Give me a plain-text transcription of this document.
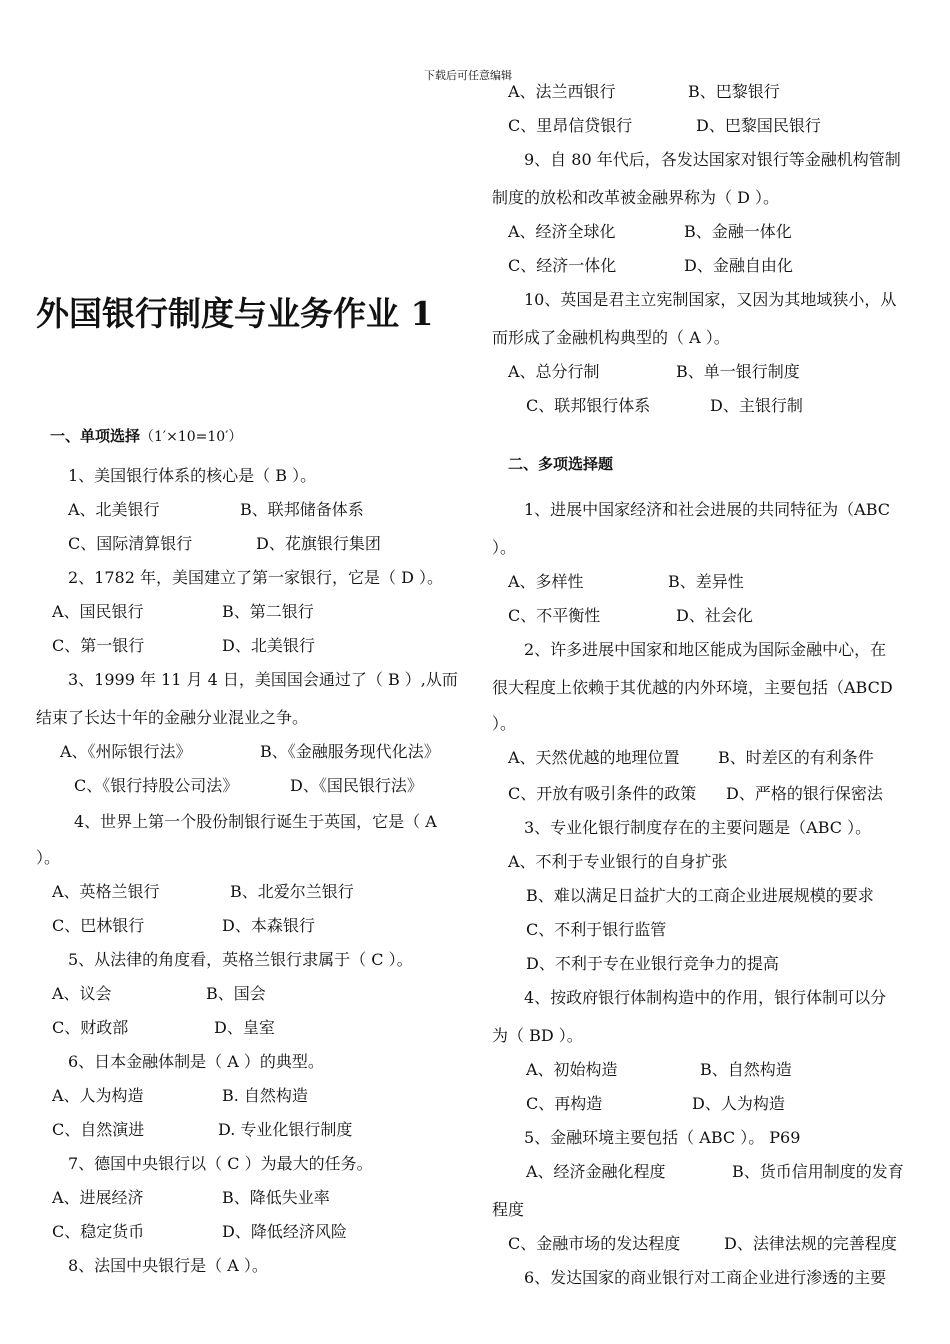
下载后可任意编辑
外国银行制度与业务作业 1
一、单项选择（1′×10=10′）
1、美国银行体系的核心是（ B ）。
A、北美银行	B、联邦储备体系
C、国际清算银行	D、花旗银行集团
2、1782 年，美国建立了第一家银行，它是（ D ）。
A、国民银行	B、第二银行
C、第一银行	D、北美银行
3、1999 年 11 月 4 日，美国国会通过了（ B ）,从而
结束了长达十年的金融分业混业之争。
A、《州际银行法》	B、《金融服务现代化法》
C、《银行持股公司法》	D、《国民银行法》
4、世界上第一个股份制银行诞生于英国，它是（ A
）。
A、英格兰银行	B、北爱尔兰银行
C、巴林银行	D、本森银行
5、从法律的角度看，英格兰银行隶属于（ C ）。
A、议会	B、国会
C、财政部	D、皇室
6、日本金融体制是（ A ）的典型。
A、人为构造	B. 自然构造
C、自然演进	D. 专业化银行制度
7、德国中央银行以（ C ）为最大的任务。
A、进展经济	B、降低失业率
C、稳定货币	D、降低经济风险
8、法国中央银行是（ A ）。
A、法兰西银行	B、巴黎银行
C、里昂信贷银行	D、巴黎国民银行
9、自 80 年代后，各发达国家对银行等金融机构管制
制度的放松和改革被金融界称为（ D ）。
A、经济全球化	B、金融一体化
C、经济一体化	D、金融自由化
10、英国是君主立宪制国家，又因为其地域狭小，从
而形成了金融机构典型的（ A ）。
A、总分行制	B、单一银行制度
C、联邦银行体系	D、主银行制
二、多项选择题
1、进展中国家经济和社会进展的共同特征为（ABC
）。
A、多样性	B、差异性
C、不平衡性	D、社会化
2、许多进展中国家和地区能成为国际金融中心，在
很大程度上依赖于其优越的内外环境，主要包括（ABCD
）。
A、天然优越的地理位置 B、时差区的有利条件
C、开放有吸引条件的政策 D、严格的银行保密法
3、专业化银行制度存在的主要问题是（ABC ）。
A、不利于专业银行的自身扩张
B、难以满足日益扩大的工商企业进展规模的要求
C、不利于银行监管
D、不利于专在业银行竞争力的提高
4、按政府银行体制构造中的作用，银行体制可以分
为（ BD ）。
A、初始构造	B、自然构造
C、再构造	D、人为构造
5、金融环境主要包括（ ABC ）。 P69
A、经济金融化程度	B、货币信用制度的发育
程度
C、金融市场的发达程度	D、法律法规的完善程度
6、发达国家的商业银行对工商企业进行渗透的主要
